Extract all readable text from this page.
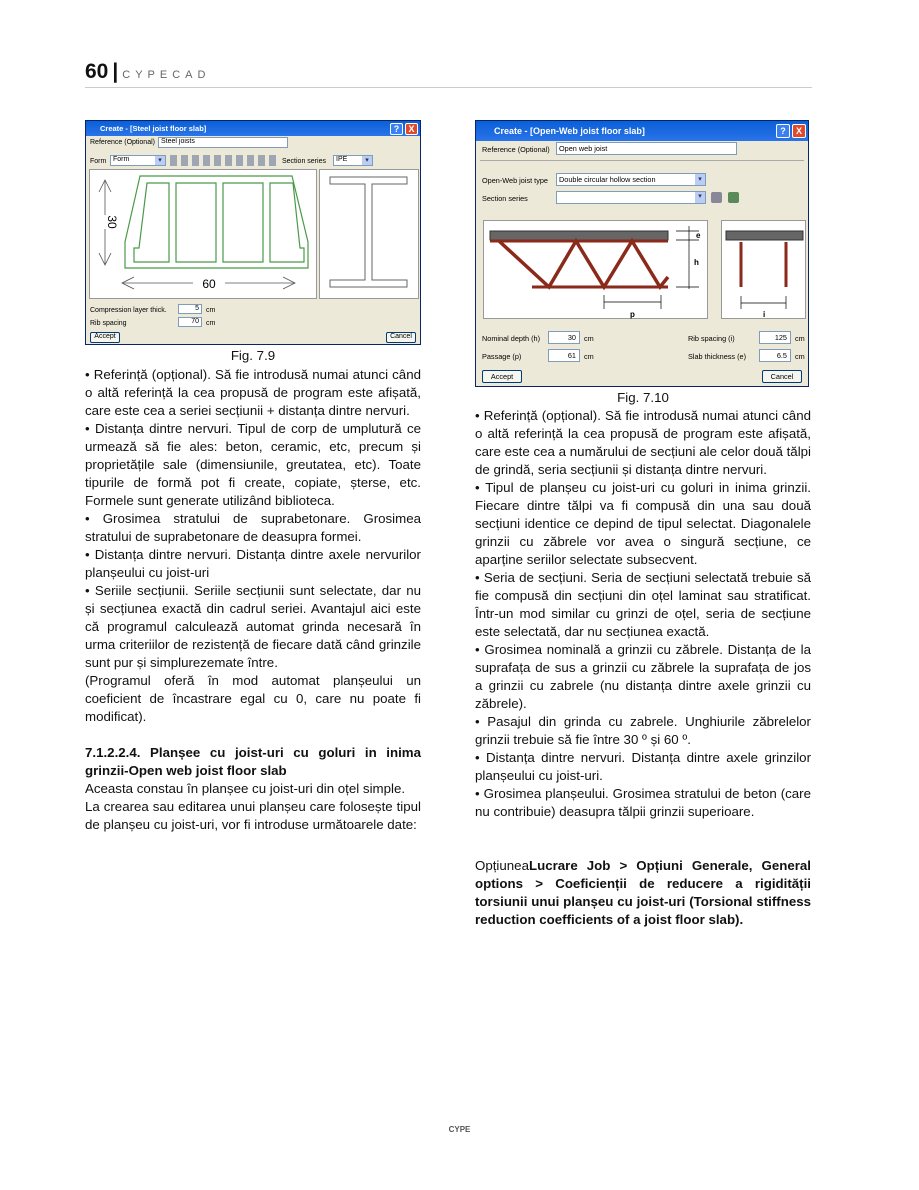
60 | CYPECAD
Create - [Steel joist floor slab]	?	X
Reference (Optional) Steel joists
Form Form	▾	Section series	IPE	▾
30
60
Compression layer thick.	5	cm
Rib spacing	70	cm
Accept	Cancel
Fig. 7.9

• Referință (opțional). Să fie introdusă numai atunci când o altă referință la cea propusă de program este afișată, care este cea a seriei secțiunii + distanța dintre nervuri.

• Distanța dintre nervuri. Tipul de corp de umplutură ce urmează să fie ales: beton, ceramic, etc, precum și proprietățile sale (dimensiunile, greutatea, etc). Toate tipurile de formă pot fi create, copiate, șterse, etc. Formele sunt generate utilizând biblioteca.

• Grosimea stratului de suprabetonare. Grosimea stratului de suprabetonare de deasupra formei.

• Distanța dintre nervuri. Distanța dintre axele nervurilor planșeului cu joist-uri

• Seriile secțiunii. Seriile secțiunii sunt selectate, dar nu și secțiunea exactă din cadrul seriei. Avantajul aici este că programul calculează automat grinda necesară în urma criteriilor de rezistență de fiecare dată când grinzile sunt pur și simplurezemate între.

(Programul oferă în mod automat planșeului un coeficient de încastrare egal cu 0, care nu poate fi modificat).

7.1.2.2.4. Planșee cu joist-uri cu goluri in inima grinzii-Open web joist floor slab

Aceasta constau în planșee cu joist-uri din oțel simple.

La crearea sau editarea unui planșeu care folosește tipul de planșeu cu joist-uri, vor fi introduse următoarele date:

Create - [Open-Web joist floor slab]	?	X
Reference (Optional)	Open web joist
Open-Web joist type	Double circular hollow section	▾
Section series	▾
e
h
p	i
Nominal depth (h)	30	cm
Passage (p)	61	cm
Rib spacing (i)	125	cm
Slab thickness (e)	6.5	cm
Accept	Cancel
Fig. 7.10

• Referință (opțional). Să fie introdusă numai atunci când o altă referință la cea propusă de program este afișată, care este cea a numărului de secțiuni ale celor două tălpi de grindă, seria secțiunii și distanța dintre nervuri.

• Tipul de planșeu cu joist-uri cu goluri in inima grinzii. Fiecare dintre tălpi va fi compusă din una sau două secțiuni identice ce depind de tipul selectat. Diagonalele grinzii cu zăbrele vor avea o singură secțiune, ce aparține seriilor selectate subsecvent.

• Seria de secțiuni. Seria de secțiuni selectată trebuie să fie compusă din secțiuni din oțel laminat sau stratificat. Într-un mod similar cu grinzi de oțel, seria de secțiune este selectată, dar nu secțiunea exactă.

• Grosimea nominală a grinzii cu zăbrele. Distanța de la suprafața de sus a grinzii cu zăbrele la suprafața de jos a grinzii cu zabrele (nu distanța dintre axele grinzii cu zăbrele).

• Pasajul din grinda cu zabrele. Unghiurile zăbrelelor grinzii trebuie să fie între 30 º și 60 º.

• Distanța dintre nervuri. Distanța dintre axele grinzilor planșeului cu joist-uri.

• Grosimea planșeului. Grosimea stratului de beton (care nu contribuie) deasupra tălpii grinzii superioare.

OpțiuneaLucrare Job > Opțiuni Generale, General options > Coeficienții de reducere a rigidității torsiunii unui planșeu cu joist-uri (Torsional stiffness reduction coefficients of a joist floor slab).

CYPE
